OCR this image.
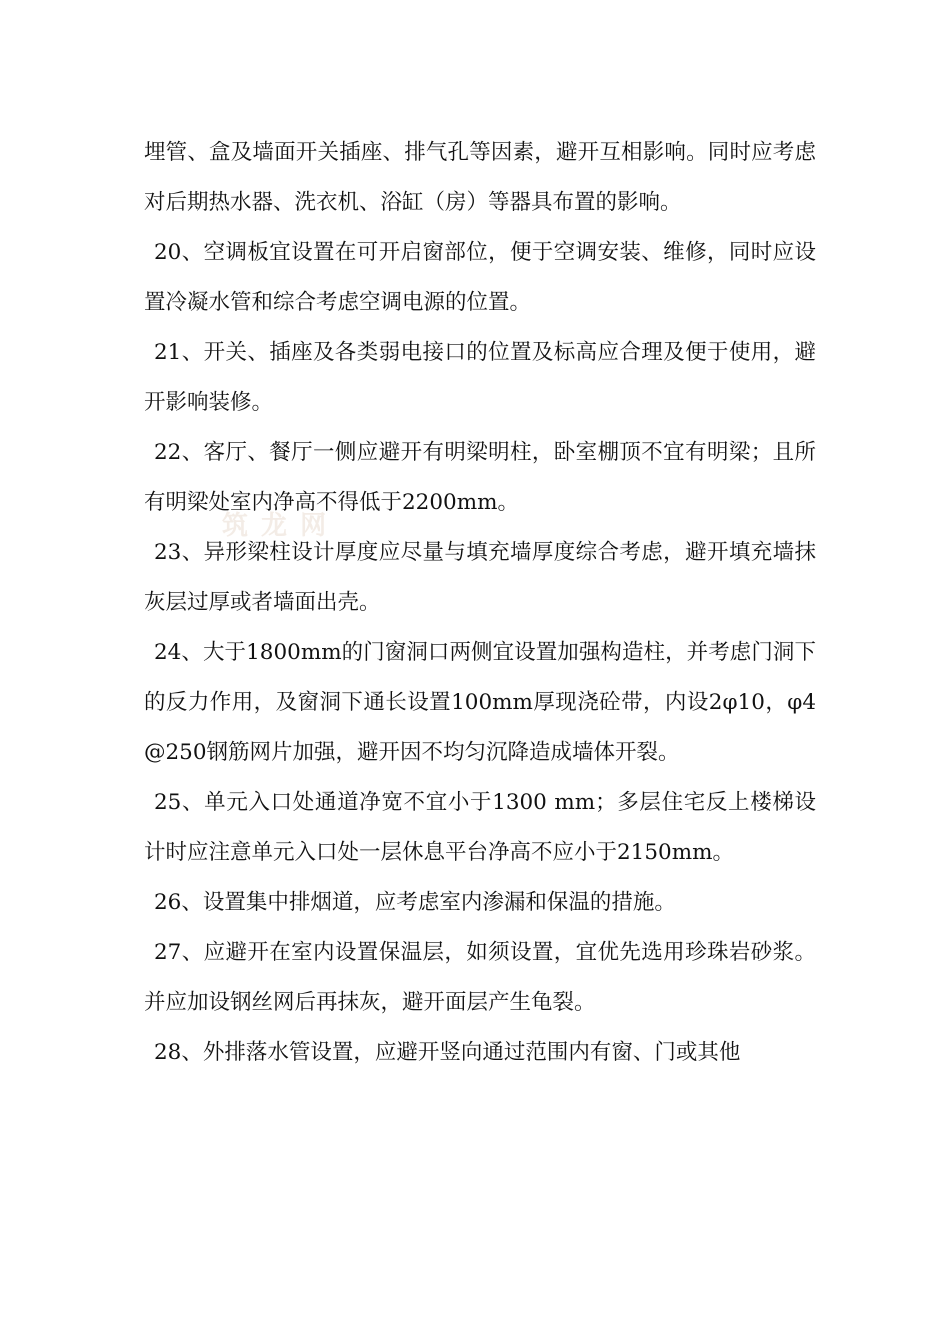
筑 龙 网

埋管、盒及墙面开关插座、排气孔等因素，避开互相影响。同时应考虑对后期热水器、洗衣机、浴缸（房）等器具布置的影响。

20、空调板宜设置在可开启窗部位，便于空调安装、维修，同时应设置冷凝水管和综合考虑空调电源的位置。

21、开关、插座及各类弱电接口的位置及标高应合理及便于使用，避开影响装修。

22、客厅、餐厅一侧应避开有明梁明柱，卧室棚顶不宜有明梁；且所有明梁处室内净高不得低于2200mm。

23、异形梁柱设计厚度应尽量与填充墙厚度综合考虑，避开填充墙抹灰层过厚或者墙面出壳。

24、大于1800mm的门窗洞口两侧宜设置加强构造柱，并考虑门洞下的反力作用，及窗洞下通长设置100mm厚现浇砼带，内设2φ10，φ4@250钢筋网片加强，避开因不均匀沉降造成墙体开裂。

25、单元入口处通道净宽不宜小于1300 mm；多层住宅反上楼梯设计时应注意单元入口处一层休息平台净高不应小于2150mm。

26、设置集中排烟道，应考虑室内渗漏和保温的措施。

27、应避开在室内设置保温层，如须设置，宜优先选用珍珠岩砂浆。并应加设钢丝网后再抹灰，避开面层产生龟裂。

28、外排落水管设置，应避开竖向通过范围内有窗、门或其他
